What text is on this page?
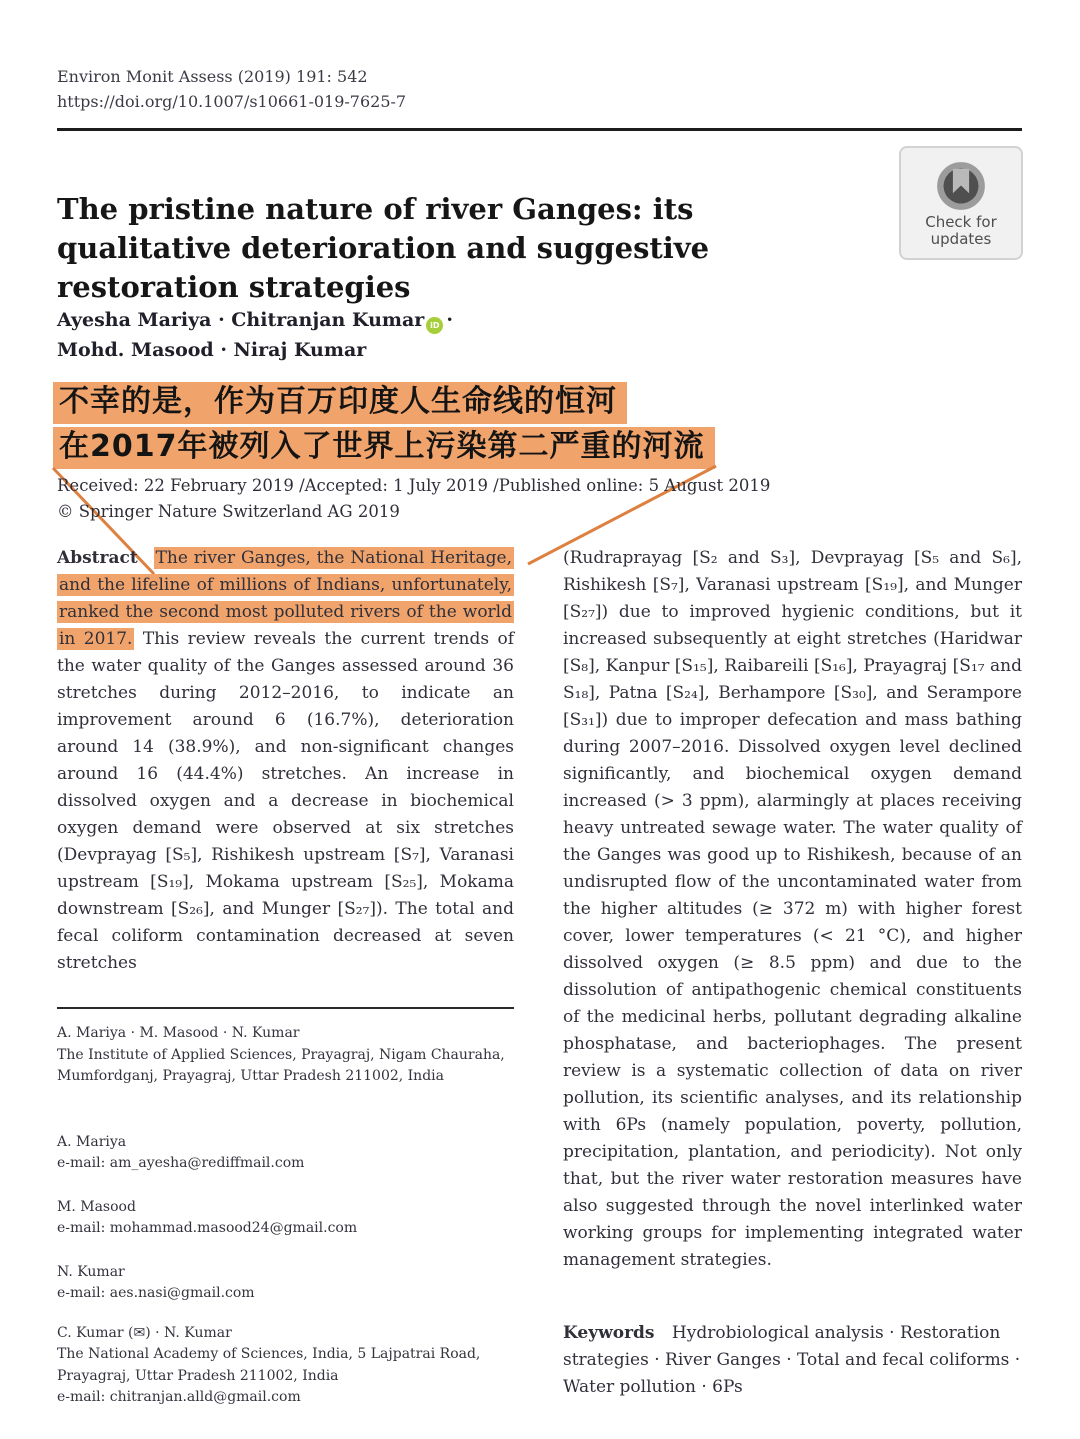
Environ Monit Assess (2019) 191: 542
https://doi.org/10.1007/s10661-019-7625-7
Check for
updates
The pristine nature of river Ganges: its qualitative deterioration and suggestive restoration strategies
Ayesha Mariya · Chitranjan Kumar iD ·
Mohd. Masood · Niraj Kumar
不幸的是，作为百万印度人生命线的恒河
在2017年被列入了世界上污染第二严重的河流
Received: 22 February 2019 /Accepted: 1 July 2019 /Published online: 5 August 2019
© Springer Nature Switzerland AG 2019

Abstract The river Ganges, the National Heritage, and the lifeline of millions of Indians, unfortunately, ranked the second most polluted rivers of the world in 2017. This review reveals the current trends of the water quality of the Ganges assessed around 36 stretches during 2012–2016, to indicate an improvement around 6 (16.7%), deterioration around 14 (38.9%), and non-significant changes around 16 (44.4%) stretches. An increase in dissolved oxygen and a decrease in biochemical oxygen demand were observed at six stretches (Devprayag [S₅], Rishikesh upstream [S₇], Varanasi upstream [S₁₉], Mokama upstream [S₂₅], Mokama downstream [S₂₆], and Munger [S₂₇]). The total and fecal coliform contamination decreased at seven stretches

A. Mariya · M. Masood · N. Kumar
The Institute of Applied Sciences, Prayagraj, Nigam Chauraha, Mumfordganj, Prayagraj, Uttar Pradesh 211002, India
A. Mariya
e-mail: am_ayesha@rediffmail.com
M. Masood
e-mail: mohammad.masood24@gmail.com
N. Kumar
e-mail: aes.nasi@gmail.com
C. Kumar (✉) · N. Kumar
The National Academy of Sciences, India, 5 Lajpatrai Road, Prayagraj, Uttar Pradesh 211002, India
e-mail: chitranjan.alld@gmail.com

(Rudraprayag [S₂ and S₃], Devprayag [S₅ and S₆], Rishikesh [S₇], Varanasi upstream [S₁₉], and Munger [S₂₇]) due to improved hygienic conditions, but it increased subsequently at eight stretches (Haridwar [S₈], Kanpur [S₁₅], Raibareili [S₁₆], Prayagraj [S₁₇ and S₁₈], Patna [S₂₄], Berhampore [S₃₀], and Serampore [S₃₁]) due to improper defecation and mass bathing during 2007–2016. Dissolved oxygen level declined significantly, and biochemical oxygen demand increased (> 3 ppm), alarmingly at places receiving heavy untreated sewage water. The water quality of the Ganges was good up to Rishikesh, because of an undisrupted flow of the uncontaminated water from the higher altitudes (≥ 372 m) with higher forest cover, lower temperatures (< 21 °C), and higher dissolved oxygen (≥ 8.5 ppm) and due to the dissolution of antipathogenic chemical constituents of the medicinal herbs, pollutant degrading alkaline phosphatase, and bacteriophages. The present review is a systematic collection of data on river pollution, its scientific analyses, and its relationship with 6Ps (namely population, poverty, pollution, precipitation, plantation, and periodicity). Not only that, but the river water restoration measures have also suggested through the novel interlinked water working groups for implementing integrated water management strategies.

Keywords Hydrobiological analysis · Restoration strategies · River Ganges · Total and fecal coliforms · Water pollution · 6Ps
